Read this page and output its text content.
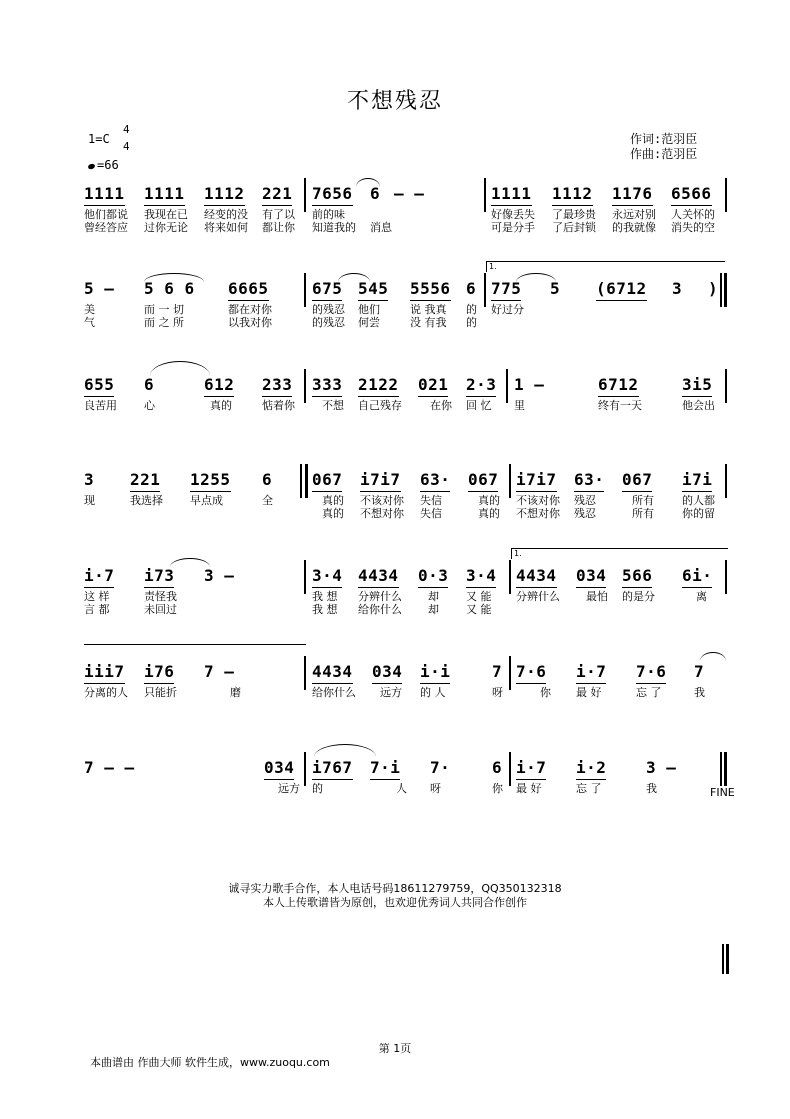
不想残忍
1=C
4
4
=66
作词:范羽臣
作曲:范羽臣
1111 1111 1112 221 7656 6 — —	1111 1112 1176 6566
他们都说 我现在已 经变的没 有了以 前的味	好像丢失 了最珍贵 永远对别 人关怀的
曾经答应 过你无论 将来如何 都让你 知道我的 消息	可是分手 了后封锁 的我就像 消失的空
5 — 5 6 6 6665	675 545 5556 6
1.
775 5 (6712 3 )
美	而 一 切	都在对你	的残忍 他们	说 我真 的 好过分
气	而 之 所	以我对你	的残忍 何尝	没 有我 的
655 6	612 233 333 2122 021 2·3 1 —	6712	3i5
良苦用 心	真的	惦着你 不想 自己残存	在你 回 忆 里	终有一天	他会出
3 221 1255 6 067 i7i7 63· 067 i7i7 63· 067 i7i
现	我选择 早点成	全	真的 不该对你 失信	真的 不该对你 残忍	所有	的人都
真的 不想对你 失信	真的 不想对你 残忍	所有	你的留
i·7 i73 3 —	3·4 4434 0·3 3·4
1.
4434 034 566 6i·
这 样	责怪我	我 想 分辨什么 却 又 能 分辨什么 最怕 的是分	离
言 都	未回过	我 想 给你什么 却 又 能
iii7 i76 7 —	4434 034 i·i	7 7·6 i·7 7·6 7
分离的人 只能折	磨	给你什么 远方 的 人	呀	你 最 好	忘 了	我
7 — —	034 i767 7·i 7·	6 i·7 i·2 3 —
FINE
远方 的	人 呀	你 最 好	忘 了	我
诚寻实力歌手合作，本人电话号码18611279759，QQ350132318
本人上传歌谱皆为原创，也欢迎优秀词人共同合作创作
第 1页
本曲谱由 作曲大师 软件生成，www.zuoqu.com
